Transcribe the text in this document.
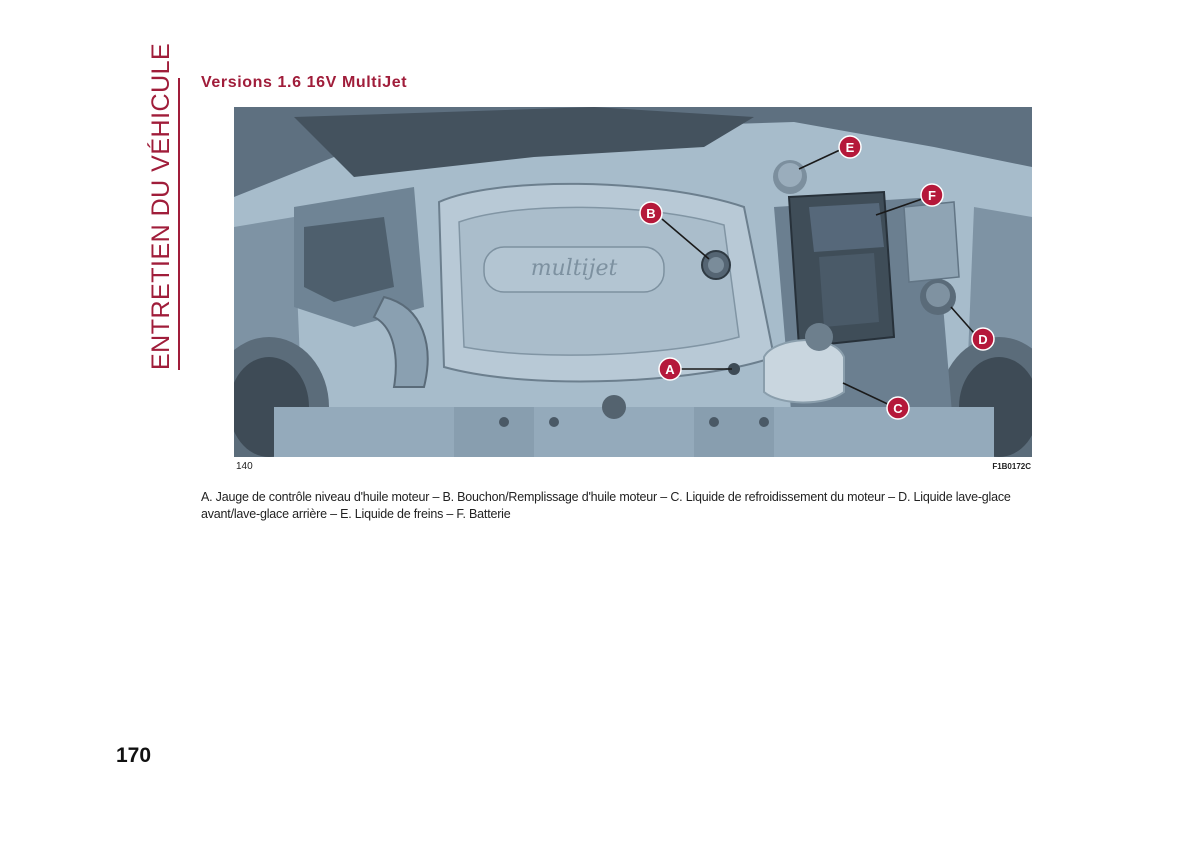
ENTRETIEN DU VÉHICULE	Versions 1.6 16V MultiJet
multijet
A
B
C
D
E
F
140	F1B0172C
A. Jauge de contrôle niveau d'huile moteur – B. Bouchon/Remplissage d'huile moteur – C. Liquide de refroidissement du moteur – D. Liquide lave-glace avant/lave-glace arrière – E. Liquide de freins – F. Batterie
170
